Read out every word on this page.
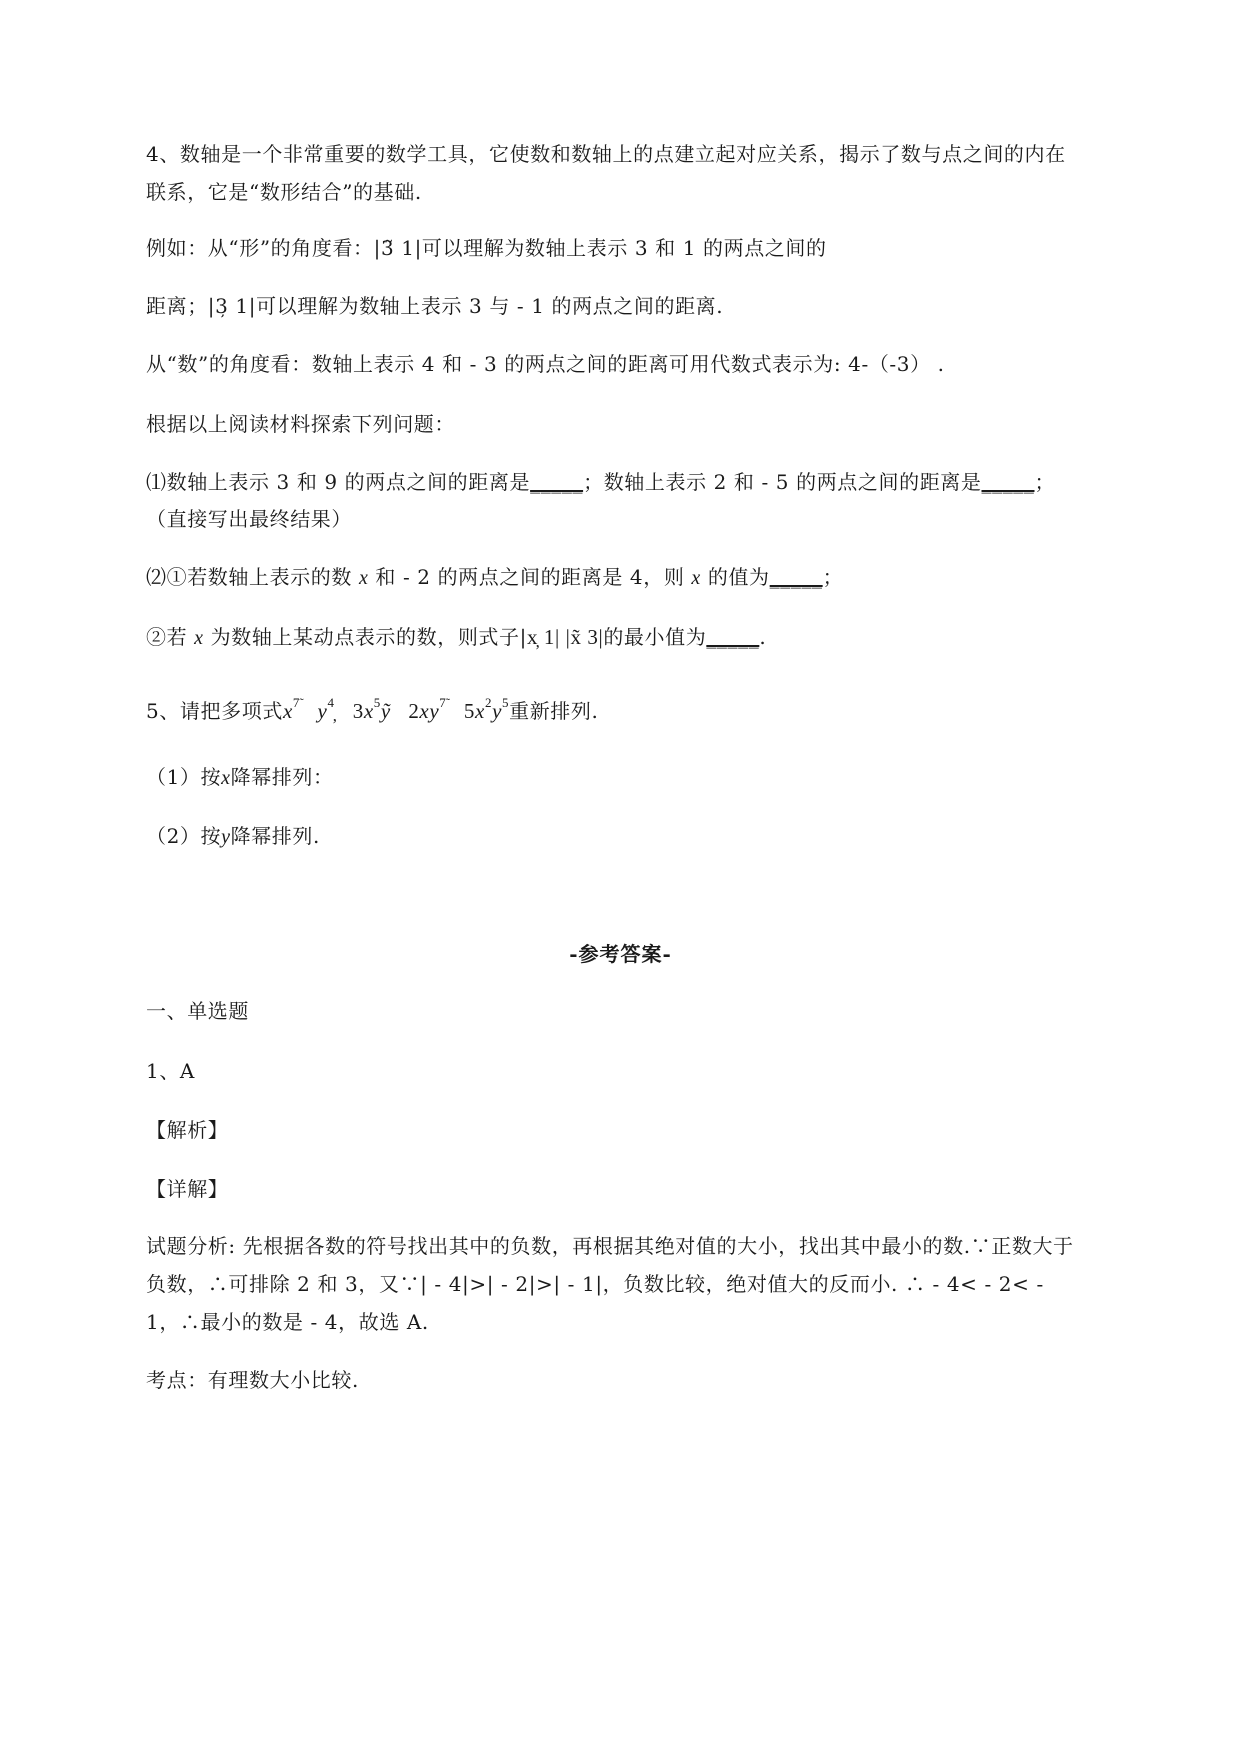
4、数轴是一个非常重要的数学工具，它使数和数轴上的点建立起对应关系，揭示了数与点之间的内在
联系，它是“数形结合”的基础.
例如：从“形”的角度看：|3̃ 1|可以理解为数轴上表示 3 和 1 的两点之间的
距离；|3̦ 1|可以理解为数轴上表示 3 与 - 1 的两点之间的距离.
从“数”的角度看：数轴上表示 4 和 - 3 的两点之间的距离可用代数式表示为: 4-（-3） .
根据以上阅读材料探索下列问题：
⑴数轴上表示 3 和 9 的两点之间的距离是_____；数轴上表示 2 和 - 5 的两点之间的距离是_____；
（直接写出最终结果）
⑵①若数轴上表示的数 x 和 - 2 的两点之间的距离是 4，则 x 的值为_____；
②若 x 为数轴上某动点表示的数，则式子|x̦ 1| |x̃ 3|的最小值为_____.
5、请把多项式$x^{7̃}$ $y^4̦$   $3x^5ỹ$   $2xy^{7̃}$   $5x^2y^5$重新排列.
（1）按x降幂排列：
（2）按y降幂排列.
-参考答案-
一、单选题
1、A
【解析】
【详解】
试题分析: 先根据各数的符号找出其中的负数，再根据其绝对值的大小，找出其中最小的数.∵正数大于
负数，∴可排除 2 和 3，又∵| - 4|>| - 2|>| - 1|，负数比较，绝对值大的反而小. ∴ - 4< - 2< -
1，∴最小的数是 - 4，故选 A.
考点：有理数大小比较.
